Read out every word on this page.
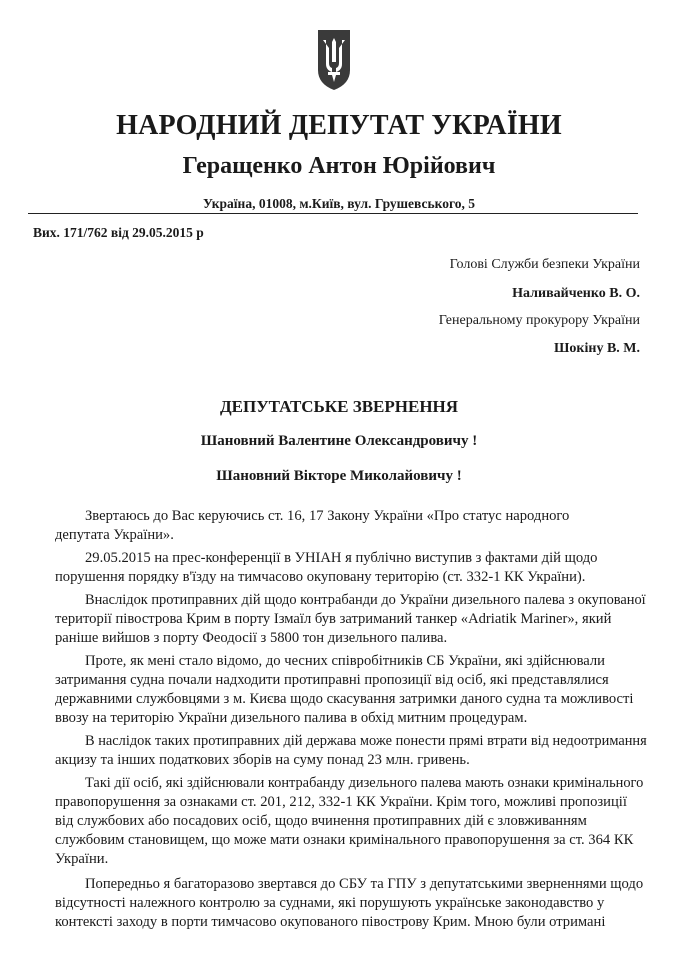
НАРОДНИЙ ДЕПУТАТ УКРАЇНИ
Геращенко Антон Юрійович
Україна, 01008, м.Київ, вул. Грушевського, 5
Вих. 171/762 від 29.05.2015 р
Голові Служби безпеки України
Наливайченко В. О.
Генеральному прокурору України
Шокіну В. М.
ДЕПУТАТСЬКЕ ЗВЕРНЕННЯ
Шановний Валентине Олександровичу !
Шановний Вікторе Миколайовичу !
Звертаюсь до Вас керуючись ст. 16, 17 Закону України «Про статус народного
депутата України».
29.05.2015 на прес-конференції в УНІАН я публічно виступив з фактами дій щодо
порушення порядку в'їзду на тимчасово окуповану територію (ст. 332-1 КК України).
Внаслідок протиправних дій щодо контрабанди до України дизельного палева з окупованої
території півострова Крим в порту Ізмаїл був затриманий танкер «Adriatik Mariner», який
раніше вийшов з порту Феодосії з 5800 тон дизельного палива.
Проте, як мені стало відомо, до чесних співробітників СБ України, які здійснювали
затримання судна почали надходити протиправні пропозиції від осіб, які представлялися
державними службовцями з м. Києва щодо скасування затримки даного судна та можливості
ввозу на територію України дизельного палива в обхід митним процедурам.
В наслідок таких протиправних дій держава може понести прямі втрати від недоотримання
акцизу та інших податкових зборів на суму понад 23 млн. гривень.
Такі дії осіб, які здійснювали контрабанду дизельного палева мають ознаки кримінального
правопорушення за ознаками ст. 201, 212, 332-1 КК України. Крім того, можливі пропозиції
від службових або посадових осіб, щодо вчинення протиправних дій є зловживанням
службовим становищем, що може мати ознаки кримінального правопорушення за ст. 364 КК
України.
Попередньо я багаторазово звертався до СБУ та ГПУ з депутатськими зверненнями щодо
відсутності належного контролю за суднами, які порушують українське законодавство у
контексті заходу в порти тимчасово окупованого півострову Крим. Мною були отримані
